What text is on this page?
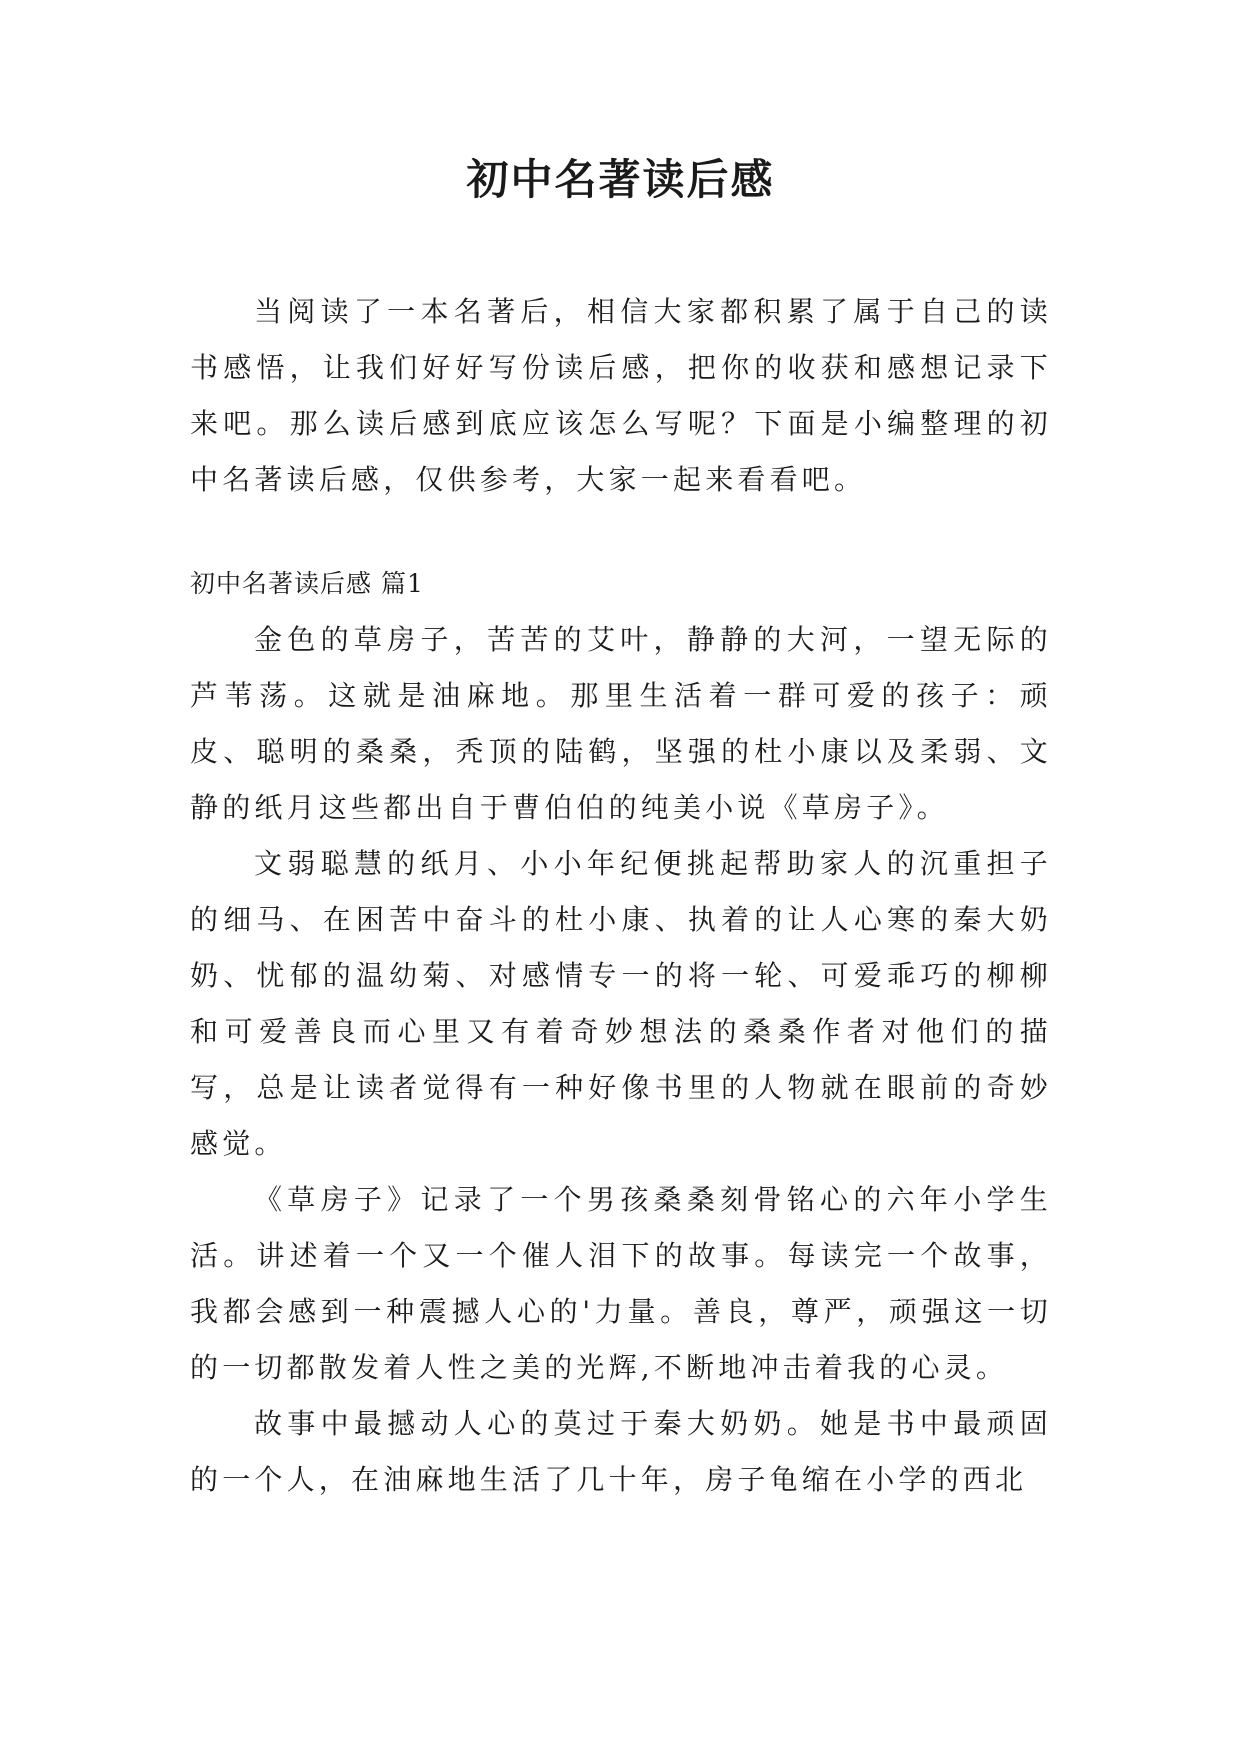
初中名著读后感

当阅读了一本名著后，相信大家都积累了属于自己的读书感悟，让我们好好写份读后感，把你的收获和感想记录下来吧。那么读后感到底应该怎么写呢？下面是小编整理的初中名著读后感，仅供参考，大家一起来看看吧。

初中名著读后感 篇1

金色的草房子，苦苦的艾叶，静静的大河，一望无际的芦苇荡。这就是油麻地。那里生活着一群可爱的孩子：顽皮、聪明的桑桑，秃顶的陆鹤，坚强的杜小康以及柔弱、文静的纸月这些都出自于曹伯伯的纯美小说《草房子》。

文弱聪慧的纸月、小小年纪便挑起帮助家人的沉重担子的细马、在困苦中奋斗的杜小康、执着的让人心寒的秦大奶奶、忧郁的温幼菊、对感情专一的将一轮、可爱乖巧的柳柳和可爱善良而心里又有着奇妙想法的桑桑作者对他们的描写，总是让读者觉得有一种好像书里的人物就在眼前的奇妙感觉。

《草房子》记录了一个男孩桑桑刻骨铭心的六年小学生活。讲述着一个又一个催人泪下的故事。每读完一个故事，我都会感到一种震撼人心的'力量。善良，尊严，顽强这一切的一切都散发着人性之美的光辉,不断地冲击着我的心灵。

故事中最撼动人心的莫过于秦大奶奶。她是书中最顽固的一个人，在油麻地生活了几十年，房子龟缩在小学的西北
